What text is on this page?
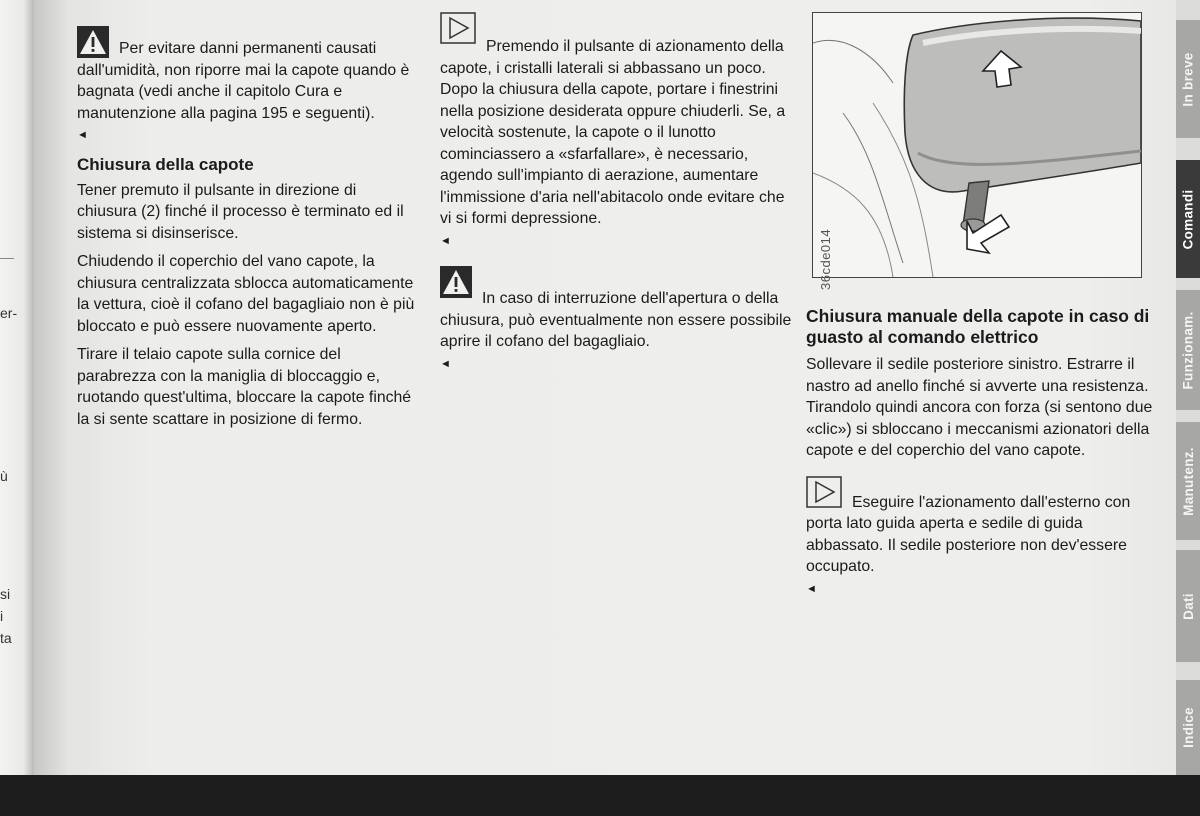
er-
ù
si
i
ta

Per evitare danni permanenti causati dall'umidità, non riporre mai la capote quando è bagnata (vedi anche il capitolo Cura e manutenzione alla pagina 195 e seguenti).
◄

Chiusura della capote

Tener premuto il pulsante in direzione di chiusura (2) finché il processo è terminato ed il sistema si disinserisce.

Chiudendo il coperchio del vano capote, la chiusura centralizzata sblocca automaticamente la vettura, cioè il cofano del bagagliaio non è più bloccato e può essere nuovamente aperto.

Tirare il telaio capote sulla cornice del parabrezza con la maniglia di bloccaggio e, ruotando quest'ultima, bloccare la capote finché la si sente scattare in posizione di fermo.

Premendo il pulsante di azionamento della capote, i cristalli laterali si abbassano un poco. Dopo la chiusura della capote, portare i finestrini nella posizione desiderata oppure chiuderli. Se, a velocità sostenute, la capote o il lunotto cominciassero a «sfarfallare», è necessario, agendo sull'impianto di aerazione, aumentare l'immissione d'aria nell'abitacolo onde evitare che vi si formi depressione.
◄

In caso di interruzione dell'apertura o della chiusura, può eventualmente non essere possibile aprire il cofano del bagagliaio.
◄

36cde014
Chiusura manuale della capote in caso di guasto al comando elettrico

Sollevare il sedile posteriore sinistro. Estrarre il nastro ad anello finché si avverte una resistenza. Tirandolo quindi ancora con forza (si sentono due «clic») si sbloccano i meccanismi azionatori della capote e del coperchio del vano capote.

Eseguire l'azionamento dall'esterno con porta lato guida aperta e sedile di guida abbassato. Il sedile posteriore non dev'essere occupato.
◄

In breve
Comandi
Funzionam.
Manutenz.
Dati
Indice
